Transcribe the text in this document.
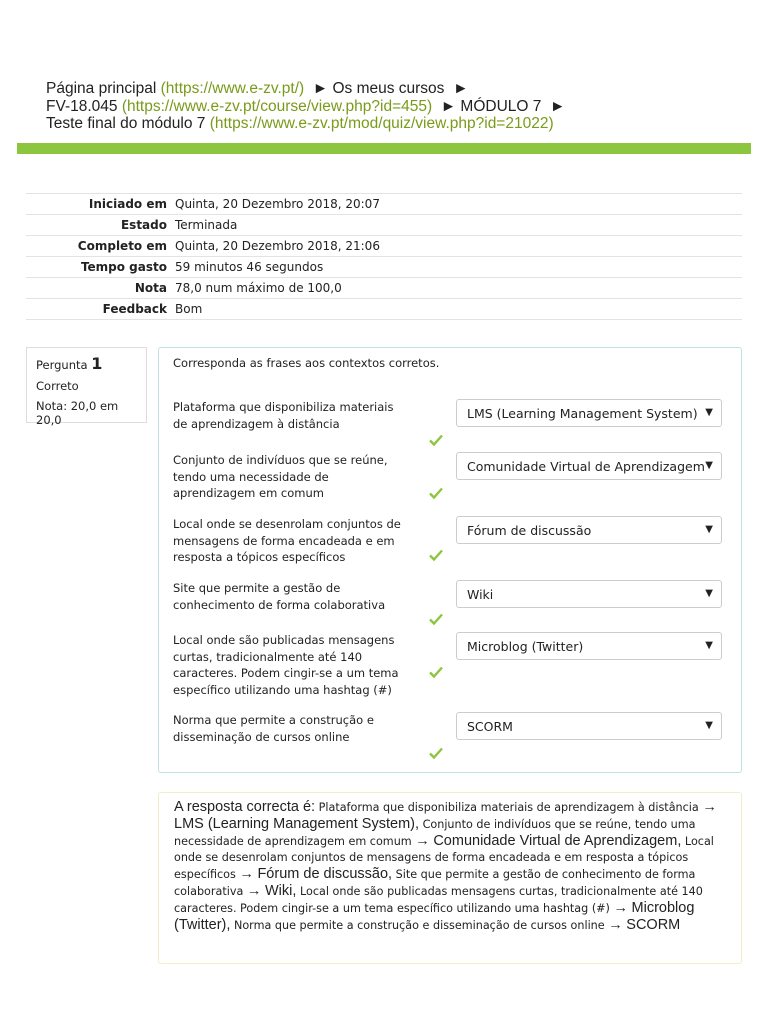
Página principal (https://www.e-zv.pt/) ► Os meus cursos ►
FV-18.045 (https://www.e-zv.pt/course/view.php?id=455) ► MÓDULO 7 ►
Teste final do módulo 7 (https://www.e-zv.pt/mod/quiz/view.php?id=21022)
Iniciado em	Quinta, 20 Dezembro 2018, 20:07
Estado	Terminada
Completo em	Quinta, 20 Dezembro 2018, 21:06
Tempo gasto	59 minutos 46 segundos
Nota	78,0 num máximo de 100,0
Feedback	Bom
Pergunta 1
Correto
Nota: 20,0 em 20,0
Corresponda as frases aos contextos corretos.
Plataforma que disponibiliza materiais de aprendizagem à distância
LMS (Learning Management System) ▼
Conjunto de indivíduos que se reúne, tendo uma necessidade de aprendizagem em comum
Comunidade Virtual de Aprendizagem ▼
Local onde se desenrolam conjuntos de mensagens de forma encadeada e em resposta a tópicos específicos
Fórum de discussão	▼
Site que permite a gestão de conhecimento de forma colaborativa
Wiki	▼
Local onde são publicadas mensagens curtas, tradicionalmente até 140 caracteres. Podem cingir-se a um tema específico utilizando uma hashtag (#)
Microblog (Twitter)	▼
Norma que permite a construção e disseminação de cursos online
SCORM	▼
A resposta correcta é: Plataforma que disponibiliza materiais de aprendizagem à distância → LMS (Learning Management System), Conjunto de indivíduos que se reúne, tendo uma necessidade de aprendizagem em comum → Comunidade Virtual de Aprendizagem, Local onde se desenrolam conjuntos de mensagens de forma encadeada e em resposta a tópicos específicos → Fórum de discussão, Site que permite a gestão de conhecimento de forma colaborativa → Wiki, Local onde são publicadas mensagens curtas, tradicionalmente até 140 caracteres. Podem cingir-se a um tema específico utilizando uma hashtag (#) → Microblog (Twitter), Norma que permite a construção e disseminação de cursos online → SCORM
